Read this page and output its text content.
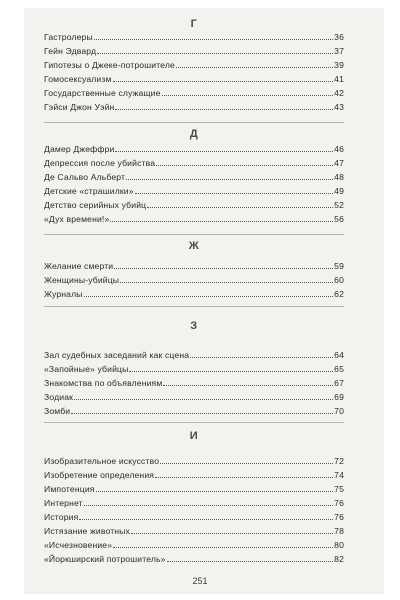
Г
Гастролеры	36
Гейн Эдвард	37
Гипотезы о Джеке-потрошителе	39
Гомосексуализм	41
Государственные служащие	42
Гэйси Джон Уэйн	43
Д
Дамер Джеффри	46
Депрессия после убийства	47
Де Сальво Альберт	48
Детские «страшилки»	49
Детство серийных убийц	52
«Дух времени!»	56
Ж
Желание смерти	59
Женщины-убийцы	60
Журналы	62
З
Зал судебных заседаний как сцена	64
«Запойные» убийцы	65
Знакомства по объявлениям	67
Зодиак	69
Зомби	70
И
Изобразительное искусство	72
Изобретение определения	74
Импотенция	75
Интернет	76
История	76
Истязание животных	78
«Исчезновение»	80
«Йоркширский потрошитель»	82
251
